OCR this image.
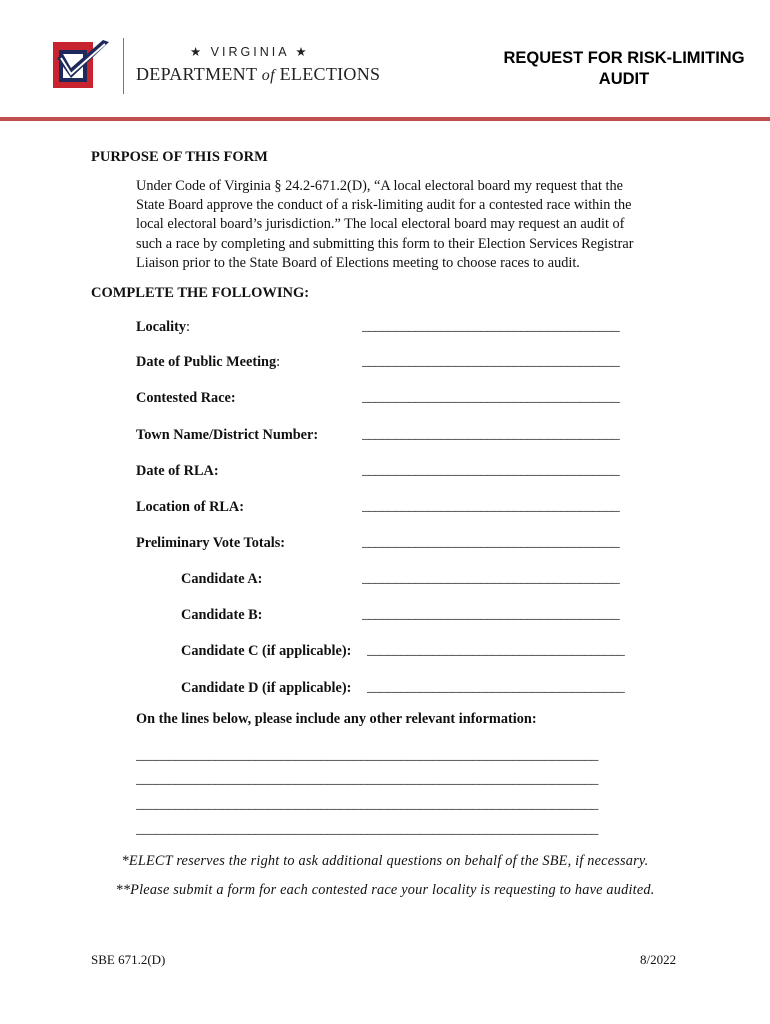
★ VIRGINIA ★
DEPARTMENT of ELECTIONS
REQUEST FOR RISK-LIMITING
AUDIT
PURPOSE OF THIS FORM
Under Code of Virginia § 24.2-671.2(D), “A local electoral board my request that the
State Board approve the conduct of a risk-limiting audit for a contested race within the
local electoral board’s jurisdiction.” The local electoral board may request an audit of
such a race by completing and submitting this form to their Election Services Registrar
Liaison prior to the State Board of Elections meeting to choose races to audit.
COMPLETE THE FOLLOWING:
Locality:	_______________________________________
Date of Public Meeting:	_______________________________________
Contested Race:	_______________________________________
Town Name/District Number:	_______________________________________
Date of RLA:	_______________________________________
Location of RLA:	_______________________________________
Preliminary Vote Totals:	_______________________________________
Candidate A:	_______________________________________
Candidate B:	_______________________________________
Candidate C (if applicable): _______________________________________
Candidate D (if applicable): _______________________________________
On the lines below, please include any other relevant information:
______________________________________________________________________
______________________________________________________________________
______________________________________________________________________
______________________________________________________________________
*ELECT reserves the right to ask additional questions on behalf of the SBE, if necessary.
**Please submit a form for each contested race your locality is requesting to have audited.
SBE 671.2(D)	8/2022
